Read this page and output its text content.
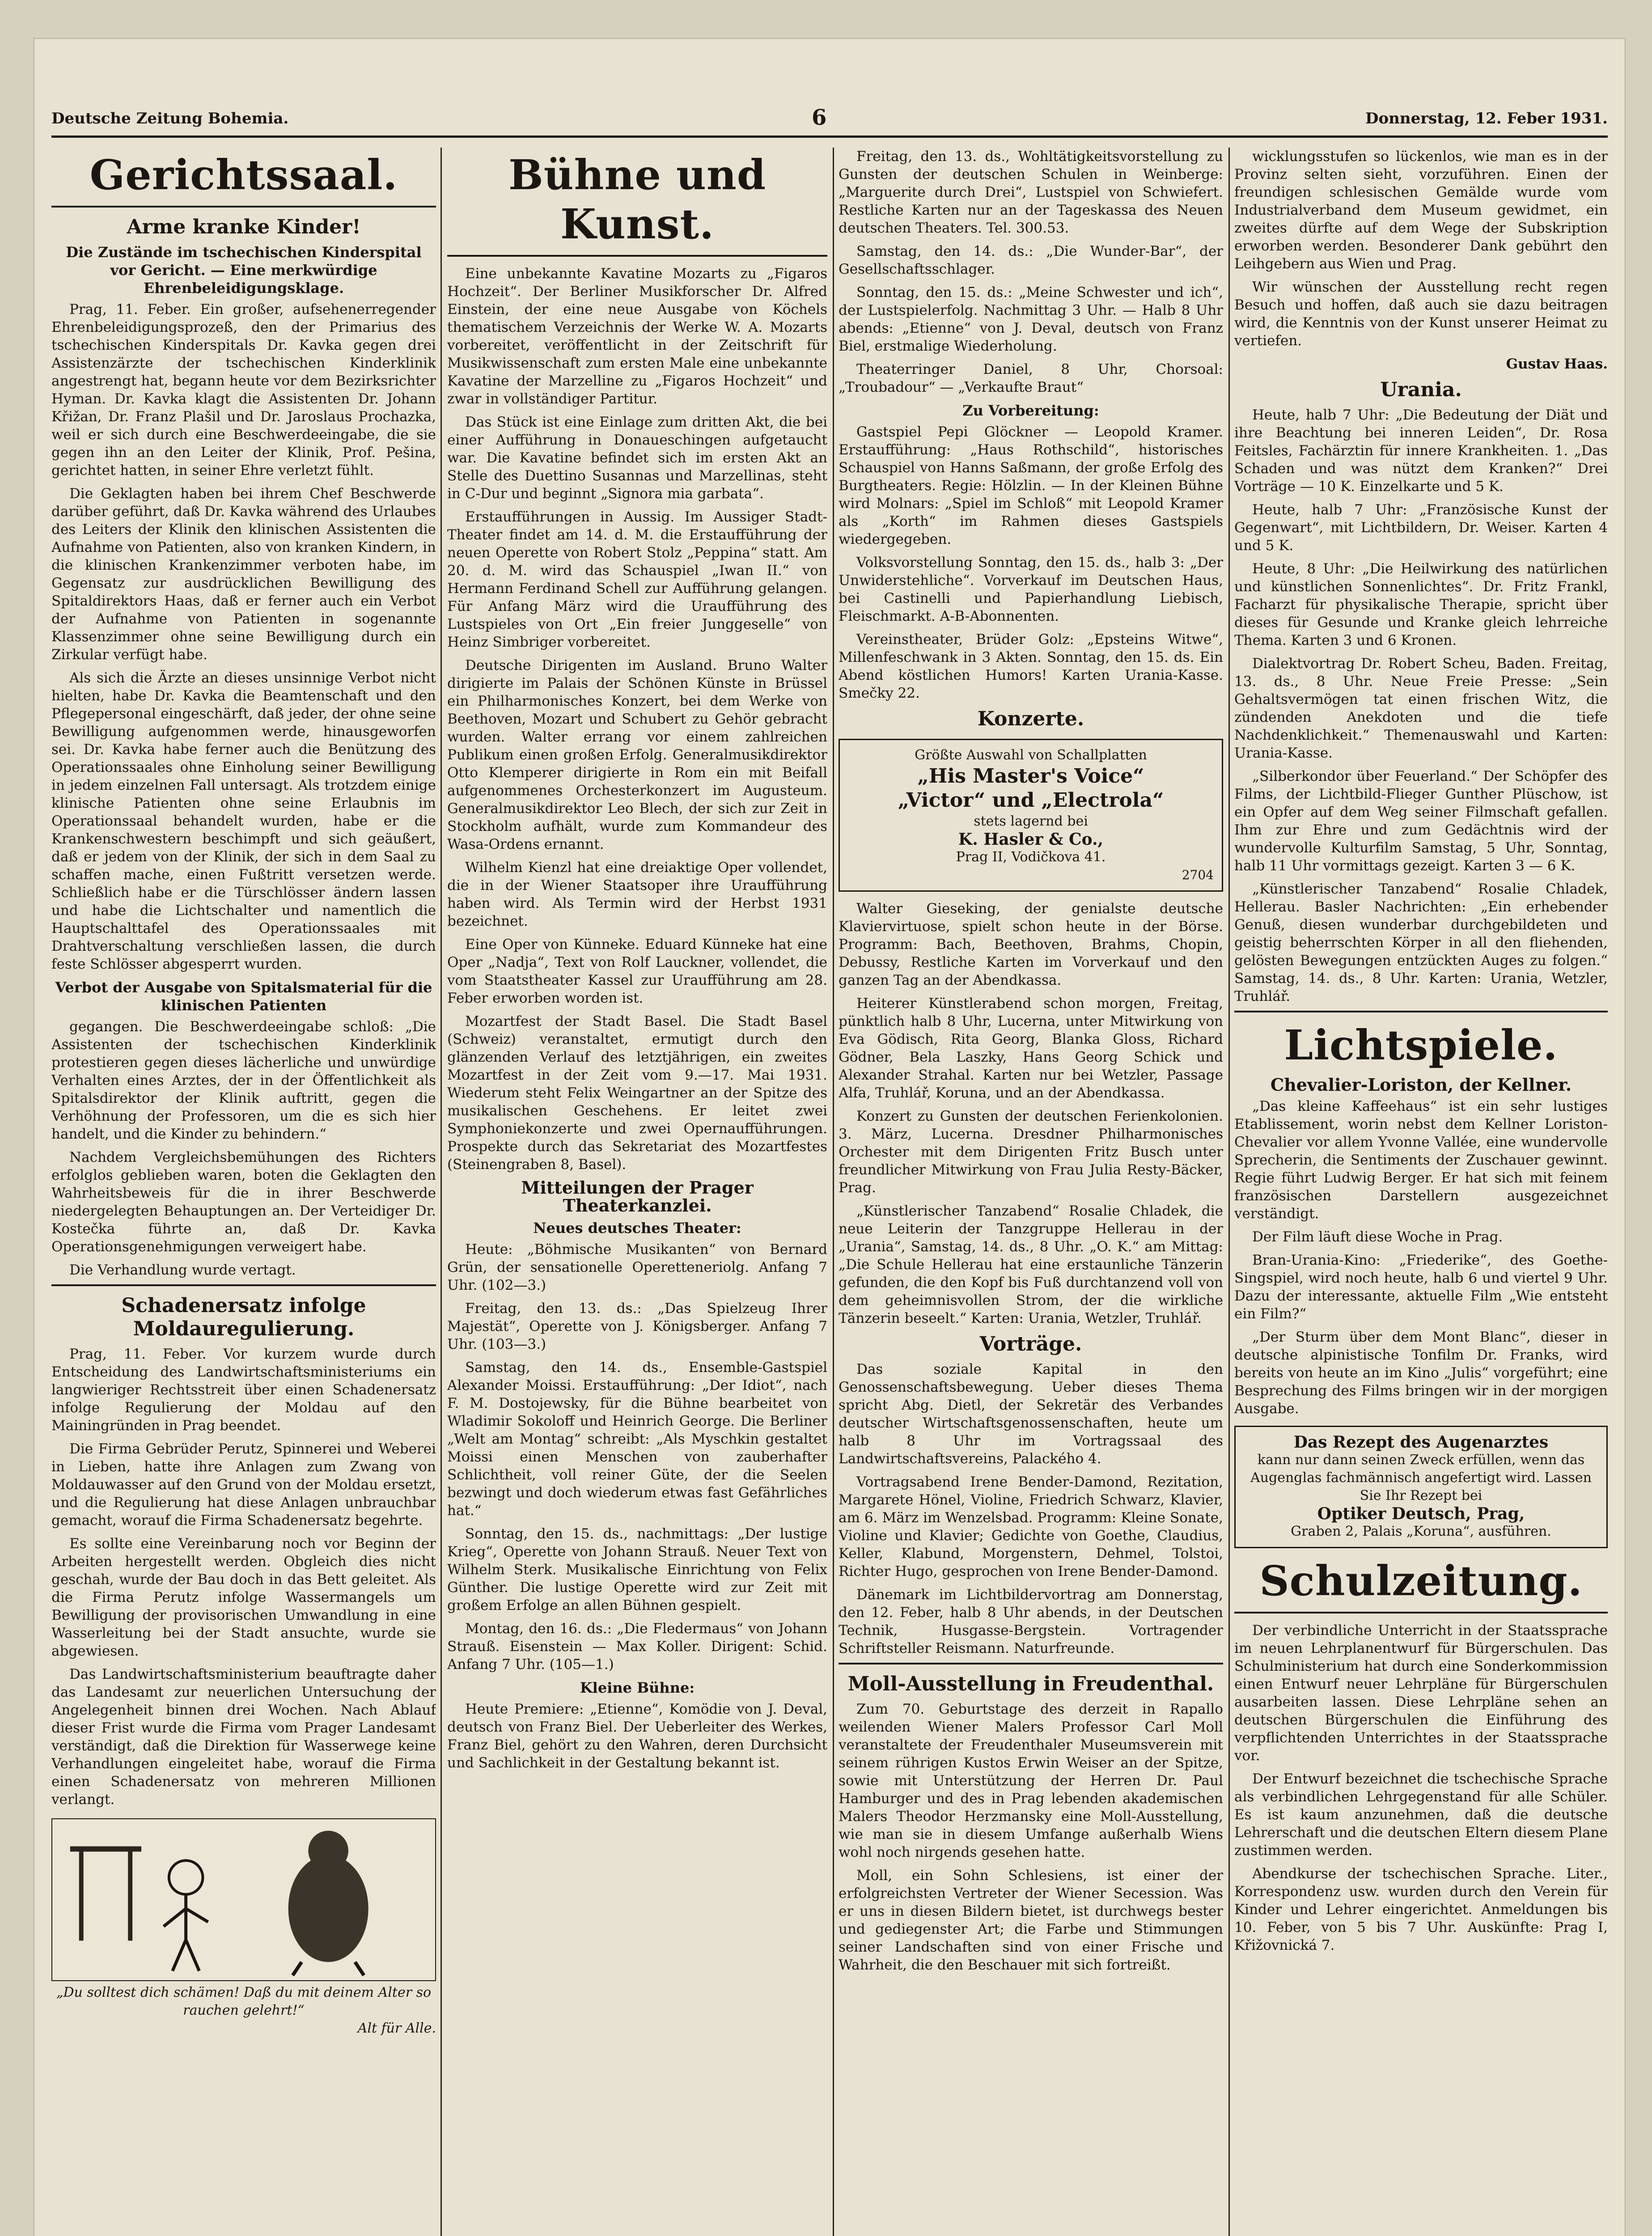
Deutsche Zeitung Bohemia.	6	Donnerstag, 12. Feber 1931.
Gerichtssaal.
Arme kranke Kinder!
Die Zustände im tschechischen Kinderspital vor Gericht. — Eine merkwürdige Ehrenbeleidigungsklage.

Prag, 11. Feber. Ein großer, aufsehenerregender Ehrenbeleidigungsprozeß, den der Primarius des tschechischen Kinderspitals Dr. Kavka gegen drei Assistenzärzte der tschechischen Kinderklinik angestrengt hat, begann heute vor dem Bezirksrichter Hyman. Dr. Kavka klagt die Assistenten Dr. Johann Křižan, Dr. Franz Plašil und Dr. Jaroslaus Prochazka, weil er sich durch eine Beschwerdeeingabe, die sie gegen ihn an den Leiter der Klinik, Prof. Pešina, gerichtet hatten, in seiner Ehre verletzt fühlt.

Die Geklagten haben bei ihrem Chef Beschwerde darüber geführt, daß Dr. Kavka während des Urlaubes des Leiters der Klinik den klinischen Assistenten die Aufnahme von Patienten, also von kranken Kindern, in die klinischen Krankenzimmer verboten habe, im Gegensatz zur ausdrücklichen Bewilligung des Spitaldirektors Haas, daß er ferner auch ein Verbot der Aufnahme von Patienten in sogenannte Klassenzimmer ohne seine Bewilligung durch ein Zirkular verfügt habe.

Als sich die Ärzte an dieses unsinnige Verbot nicht hielten, habe Dr. Kavka die Beamtenschaft und den Pflegepersonal eingeschärft, daß jeder, der ohne seine Bewilligung aufgenommen werde, hinausgeworfen sei. Dr. Kavka habe ferner auch die Benützung des Operationssaales ohne Einholung seiner Bewilligung in jedem einzelnen Fall untersagt. Als trotzdem einige klinische Patienten ohne seine Erlaubnis im Operationssaal behandelt wurden, habe er die Krankenschwestern beschimpft und sich geäußert, daß er jedem von der Klinik, der sich in dem Saal zu schaffen mache, einen Fußtritt versetzen werde. Schließlich habe er die Türschlösser ändern lassen und habe die Lichtschalter und namentlich die Hauptschalttafel des Operationssaales mit Drahtverschaltung verschließen lassen, die durch feste Schlösser abgesperrt wurden.

Verbot der Ausgabe von Spitalsmaterial für die klinischen Patienten

gegangen. Die Beschwerdeeingabe schloß: „Die Assistenten der tschechischen Kinderklinik protestieren gegen dieses lächerliche und unwürdige Verhalten eines Arztes, der in der Öffentlichkeit als Spitalsdirektor der Klinik auftritt, gegen die Verhöhnung der Professoren, um die es sich hier handelt, und die Kinder zu behindern.“

Nachdem Vergleichsbemühungen des Richters erfolglos geblieben waren, boten die Geklagten den Wahrheitsbeweis für die in ihrer Beschwerde niedergelegten Behauptungen an. Der Verteidiger Dr. Kostečka führte an, daß Dr. Kavka Operationsgenehmigungen verweigert habe.

Die Verhandlung wurde vertagt.

Schadenersatz infolge Moldauregulierung.

Prag, 11. Feber. Vor kurzem wurde durch Entscheidung des Landwirtschaftsministeriums ein langwieriger Rechtsstreit über einen Schadenersatz infolge Regulierung der Moldau auf den Mainingründen in Prag beendet.

Die Firma Gebrüder Perutz, Spinnerei und Weberei in Lieben, hatte ihre Anlagen zum Zwang von Moldauwasser auf den Grund von der Moldau ersetzt, und die Regulierung hat diese Anlagen unbrauchbar gemacht, worauf die Firma Schadenersatz begehrte.

Es sollte eine Vereinbarung noch vor Beginn der Arbeiten hergestellt werden. Obgleich dies nicht geschah, wurde der Bau doch in das Bett geleitet. Als die Firma Perutz infolge Wassermangels um Bewilligung der provisorischen Umwandlung in eine Wasserleitung bei der Stadt ansuchte, wurde sie abgewiesen.

Das Landwirtschaftsministerium beauftragte daher das Landesamt zur neuerlichen Untersuchung der Angelegenheit binnen drei Wochen. Nach Ablauf dieser Frist wurde die Firma vom Prager Landesamt verständigt, daß die Direktion für Wasserwege keine Verhandlungen eingeleitet habe, worauf die Firma einen Schadenersatz von mehreren Millionen verlangt.

„Du solltest dich schämen! Daß du mit deinem Alter so rauchen gelehrt!“
Alt für Alle.
Bühne und Kunst.

Eine unbekannte Kavatine Mozarts zu „Figaros Hochzeit“. Der Berliner Musikforscher Dr. Alfred Einstein, der eine neue Ausgabe von Köchels thematischem Verzeichnis der Werke W. A. Mozarts vorbereitet, veröffentlicht in der Zeitschrift für Musikwissenschaft zum ersten Male eine unbekannte Kavatine der Marzelline zu „Figaros Hochzeit“ und zwar in vollständiger Partitur.

Das Stück ist eine Einlage zum dritten Akt, die bei einer Aufführung in Donaueschingen aufgetaucht war. Die Kavatine befindet sich im ersten Akt an Stelle des Duettino Susannas und Marzellinas, steht in C-Dur und beginnt „Signora mia garbata“.

Erstaufführungen in Aussig. Im Aussiger Stadt-Theater findet am 14. d. M. die Erstaufführung der neuen Operette von Robert Stolz „Peppina“ statt. Am 20. d. M. wird das Schauspiel „Iwan II.“ von Hermann Ferdinand Schell zur Aufführung gelangen. Für Anfang März wird die Uraufführung des Lustspieles von Ort „Ein freier Junggeselle“ von Heinz Simbriger vorbereitet.

Deutsche Dirigenten im Ausland. Bruno Walter dirigierte im Palais der Schönen Künste in Brüssel ein Philharmonisches Konzert, bei dem Werke von Beethoven, Mozart und Schubert zu Gehör gebracht wurden. Walter errang vor einem zahlreichen Publikum einen großen Erfolg. Generalmusikdirektor Otto Klemperer dirigierte in Rom ein mit Beifall aufgenommenes Orchesterkonzert im Augusteum. Generalmusikdirektor Leo Blech, der sich zur Zeit in Stockholm aufhält, wurde zum Kommandeur des Wasa-Ordens ernannt.

Wilhelm Kienzl hat eine dreiaktige Oper vollendet, die in der Wiener Staatsoper ihre Uraufführung haben wird. Als Termin wird der Herbst 1931 bezeichnet.

Eine Oper von Künneke. Eduard Künneke hat eine Oper „Nadja“, Text von Rolf Lauckner, vollendet, die vom Staatstheater Kassel zur Uraufführung am 28. Feber erworben worden ist.

Mozartfest der Stadt Basel. Die Stadt Basel (Schweiz) veranstaltet, ermutigt durch den glänzenden Verlauf des letztjährigen, ein zweites Mozartfest in der Zeit vom 9.—17. Mai 1931. Wiederum steht Felix Weingartner an der Spitze des musikalischen Geschehens. Er leitet zwei Symphoniekonzerte und zwei Opernaufführungen. Prospekte durch das Sekretariat des Mozartfestes (Steinengraben 8, Basel).

Mitteilungen der Prager Theaterkanzlei.
Neues deutsches Theater:

Heute: „Böhmische Musikanten“ von Bernard Grün, der sensationelle Operetteneriolg. Anfang 7 Uhr. (102—3.)

Freitag, den 13. ds.: „Das Spielzeug Ihrer Majestät“, Operette von J. Königsberger. Anfang 7 Uhr. (103—3.)

Samstag, den 14. ds., Ensemble-Gastspiel Alexander Moissi. Erstaufführung: „Der Idiot“, nach F. M. Dostojewsky, für die Bühne bearbeitet von Wladimir Sokoloff und Heinrich George. Die Berliner „Welt am Montag“ schreibt: „Als Myschkin gestaltet Moissi einen Menschen von zauberhafter Schlichtheit, voll reiner Güte, der die Seelen bezwingt und doch wiederum etwas fast Gefährliches hat.“

Sonntag, den 15. ds., nachmittags: „Der lustige Krieg“, Operette von Johann Strauß. Neuer Text von Wilhelm Sterk. Musikalische Einrichtung von Felix Günther. Die lustige Operette wird zur Zeit mit großem Erfolge an allen Bühnen gespielt.

Montag, den 16. ds.: „Die Fledermaus“ von Johann Strauß. Eisenstein — Max Koller. Dirigent: Schid. Anfang 7 Uhr. (105—1.)

Kleine Bühne:

Heute Premiere: „Etienne“, Komödie von J. Deval, deutsch von Franz Biel. Der Ueberleiter des Werkes, Franz Biel, gehört zu den Wahren, deren Durchsicht und Sachlichkeit in der Gestaltung bekannt ist.

Freitag, den 13. ds., Wohltätigkeitsvorstellung zu Gunsten der deutschen Schulen in Weinberge: „Marguerite durch Drei“, Lustspiel von Schwiefert. Restliche Karten nur an der Tageskassa des Neuen deutschen Theaters. Tel. 300.53.

Samstag, den 14. ds.: „Die Wunder-Bar“, der Gesellschaftsschlager.

Sonntag, den 15. ds.: „Meine Schwester und ich“, der Lustspielerfolg. Nachmittag 3 Uhr. — Halb 8 Uhr abends: „Etienne“ von J. Deval, deutsch von Franz Biel, erstmalige Wiederholung.

Theaterringer Daniel, 8 Uhr, Chorsoal: „Troubadour“ — „Verkaufte Braut“

Zu Vorbereitung:

Gastspiel Pepi Glöckner — Leopold Kramer. Erstaufführung: „Haus Rothschild“, historisches Schauspiel von Hanns Saßmann, der große Erfolg des Burgtheaters. Regie: Hölzlin. — In der Kleinen Bühne wird Molnars: „Spiel im Schloß“ mit Leopold Kramer als „Korth“ im Rahmen dieses Gastspiels wiedergegeben.

Volksvorstellung Sonntag, den 15. ds., halb 3: „Der Unwiderstehliche“. Vorverkauf im Deutschen Haus, bei Castinelli und Papierhandlung Liebisch, Fleischmarkt. A-B-Abonnenten.

Vereinstheater, Brüder Golz: „Epsteins Witwe“, Millenfeschwank in 3 Akten. Sonntag, den 15. ds. Ein Abend köstlichen Humors! Karten Urania-Kasse. Smečky 22.

Konzerte.
Größte Auswahl von Schallplatten
„His Master's Voice“
„Victor“ und „Electrola“
stets lagernd bei
K. Hasler & Co.,
Prag II, Vodičkova 41.
2704

Walter Gieseking, der genialste deutsche Klaviervirtuose, spielt schon heute in der Börse. Programm: Bach, Beethoven, Brahms, Chopin, Debussy, Restliche Karten im Vorverkauf und den ganzen Tag an der Abendkassa.

Heiterer Künstlerabend schon morgen, Freitag, pünktlich halb 8 Uhr, Lucerna, unter Mitwirkung von Eva Gödisch, Rita Georg, Blanka Gloss, Richard Gödner, Bela Laszky, Hans Georg Schick und Alexander Strahal. Karten nur bei Wetzler, Passage Alfa, Truhlář, Koruna, und an der Abendkassa.

Konzert zu Gunsten der deutschen Ferienkolonien. 3. März, Lucerna. Dresdner Philharmonisches Orchester mit dem Dirigenten Fritz Busch unter freundlicher Mitwirkung von Frau Julia Resty-Bäcker, Prag.

„Künstlerischer Tanzabend“ Rosalie Chladek, die neue Leiterin der Tanzgruppe Hellerau in der „Urania“, Samstag, 14. ds., 8 Uhr. „O. K.“ am Mittag: „Die Schule Hellerau hat eine erstaunliche Tänzerin gefunden, die den Kopf bis Fuß durchtanzend voll von dem geheimnisvollen Strom, der die wirkliche Tänzerin beseelt.“ Karten: Urania, Wetzler, Truhlář.

Vorträge.

Das soziale Kapital in den Genossenschaftsbewegung. Ueber dieses Thema spricht Abg. Dietl, der Sekretär des Verbandes deutscher Wirtschaftsgenossenschaften, heute um halb 8 Uhr im Vortragssaal des Landwirtschaftsvereins, Palackého 4.

Vortragsabend Irene Bender-Damond, Rezitation, Margarete Hönel, Violine, Friedrich Schwarz, Klavier, am 6. März im Wenzelsbad. Programm: Kleine Sonate, Violine und Klavier; Gedichte von Goethe, Claudius, Keller, Klabund, Morgenstern, Dehmel, Tolstoi, Richter Hugo, gesprochen von Irene Bender-Damond.

Dänemark im Lichtbildervortrag am Donnerstag, den 12. Feber, halb 8 Uhr abends, in der Deutschen Technik, Husgasse-Bergstein. Vortragender Schriftsteller Reismann. Naturfreunde.

Moll-Ausstellung in Freudenthal.

Zum 70. Geburtstage des derzeit in Rapallo weilenden Wiener Malers Professor Carl Moll veranstaltete der Freudenthaler Museumsverein mit seinem rührigen Kustos Erwin Weiser an der Spitze, sowie mit Unterstützung der Herren Dr. Paul Hamburger und des in Prag lebenden akademischen Malers Theodor Herzmansky eine Moll-Ausstellung, wie man sie in diesem Umfange außerhalb Wiens wohl noch nirgends gesehen hatte.

Moll, ein Sohn Schlesiens, ist einer der erfolgreichsten Vertreter der Wiener Secession. Was er uns in diesen Bildern bietet, ist durchwegs bester und gediegenster Art; die Farbe und Stimmungen seiner Landschaften sind von einer Frische und Wahrheit, die den Beschauer mit sich fortreißt.

wicklungsstufen so lückenlos, wie man es in der Provinz selten sieht, vorzuführen. Einen der freundigen schlesischen Gemälde wurde vom Industrialverband dem Museum gewidmet, ein zweites dürfte auf dem Wege der Subskription erworben werden. Besonderer Dank gebührt den Leihgebern aus Wien und Prag.

Wir wünschen der Ausstellung recht regen Besuch und hoffen, daß auch sie dazu beitragen wird, die Kenntnis von der Kunst unserer Heimat zu vertiefen.

Gustav Haas.
Urania.

Heute, halb 7 Uhr: „Die Bedeutung der Diät und ihre Beachtung bei inneren Leiden“, Dr. Rosa Feitsles, Fachärztin für innere Krankheiten. 1. „Das Schaden und was nützt dem Kranken?“ Drei Vorträge — 10 K. Einzelkarte und 5 K.

Heute, halb 7 Uhr: „Französische Kunst der Gegenwart“, mit Lichtbildern, Dr. Weiser. Karten 4 und 5 K.

Heute, 8 Uhr: „Die Heilwirkung des natürlichen und künstlichen Sonnenlichtes“. Dr. Fritz Frankl, Facharzt für physikalische Therapie, spricht über dieses für Gesunde und Kranke gleich lehrreiche Thema. Karten 3 und 6 Kronen.

Dialektvortrag Dr. Robert Scheu, Baden. Freitag, 13. ds., 8 Uhr. Neue Freie Presse: „Sein Gehaltsvermögen tat einen frischen Witz, die zündenden Anekdoten und die tiefe Nachdenklichkeit.“ Themenauswahl und Karten: Urania-Kasse.

„Silberkondor über Feuerland.“ Der Schöpfer des Films, der Lichtbild-Flieger Gunther Plüschow, ist ein Opfer auf dem Weg seiner Filmschaft gefallen. Ihm zur Ehre und zum Gedächtnis wird der wundervolle Kulturfilm Samstag, 5 Uhr, Sonntag, halb 11 Uhr vormittags gezeigt. Karten 3 — 6 K.

„Künstlerischer Tanzabend“ Rosalie Chladek, Hellerau. Basler Nachrichten: „Ein erhebender Genuß, diesen wunderbar durchgebildeten und geistig beherrschten Körper in all den fliehenden, gelösten Bewegungen entzückten Auges zu folgen.“ Samstag, 14. ds., 8 Uhr. Karten: Urania, Wetzler, Truhlář.

Lichtspiele.
Chevalier-Loriston, der Kellner.

„Das kleine Kaffeehaus“ ist ein sehr lustiges Etablissement, worin nebst dem Kellner Loriston-Chevalier vor allem Yvonne Vallée, eine wundervolle Sprecherin, die Sentiments der Zuschauer gewinnt. Regie führt Ludwig Berger. Er hat sich mit feinem französischen Darstellern ausgezeichnet verständigt.

Der Film läuft diese Woche in Prag.

Bran-Urania-Kino: „Friederike“, des Goethe-Singspiel, wird noch heute, halb 6 und viertel 9 Uhr. Dazu der interessante, aktuelle Film „Wie entsteht ein Film?“

„Der Sturm über dem Mont Blanc“, dieser in deutsche alpinistische Tonfilm Dr. Franks, wird bereits von heute an im Kino „Julis“ vorgeführt; eine Besprechung des Films bringen wir in der morgigen Ausgabe.

Das Rezept des Augenarztes
kann nur dann seinen Zweck erfüllen, wenn das Augenglas fachmännisch angefertigt wird. Lassen Sie Ihr Rezept bei
Optiker Deutsch, Prag,
Graben 2, Palais „Koruna“, ausführen.
Schulzeitung.

Der verbindliche Unterricht in der Staatssprache im neuen Lehrplanentwurf für Bürgerschulen. Das Schulministerium hat durch eine Sonderkommission einen Entwurf neuer Lehrpläne für Bürgerschulen ausarbeiten lassen. Diese Lehrpläne sehen an deutschen Bürgerschulen die Einführung des verpflichtenden Unterrichtes in der Staatssprache vor.

Der Entwurf bezeichnet die tschechische Sprache als verbindlichen Lehrgegenstand für alle Schüler. Es ist kaum anzunehmen, daß die deutsche Lehrerschaft und die deutschen Eltern diesem Plane zustimmen werden.

Abendkurse der tschechischen Sprache. Liter., Korrespondenz usw. wurden durch den Verein für Kinder und Lehrer eingerichtet. Anmeldungen bis 10. Feber, von 5 bis 7 Uhr. Auskünfte: Prag I, Křižovnická 7.
